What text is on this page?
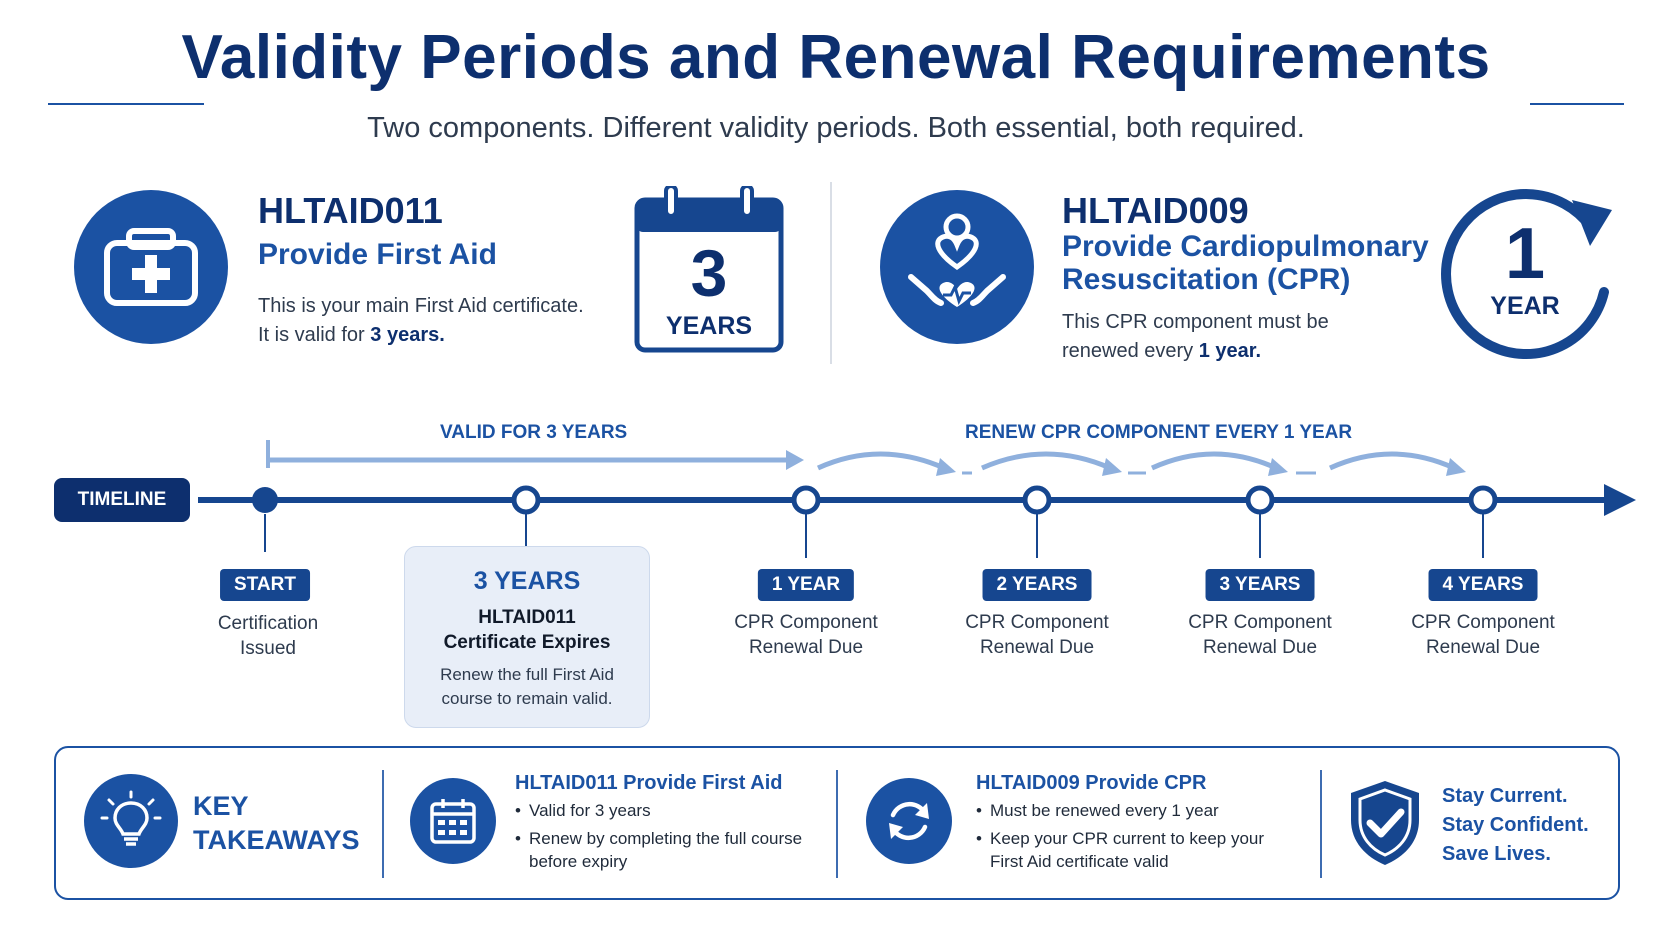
Validity Periods and Renewal Requirements
Two components. Different validity periods. Both essential, both required.
HLTAID011
Provide First Aid
This is your main First Aid certificate.
It is valid for 3 years.
3
YEARS
HLTAID009
Provide Cardiopulmonary
Resuscitation (CPR)
This CPR component must be
renewed every 1 year.
1
YEAR
VALID FOR 3 YEARS	RENEW CPR COMPONENT EVERY 1 YEAR
TIMELINE
START
Certification
Issued
3 YEARS
HLTAID011
Certificate Expires
Renew the full First Aid
course to remain valid.
1 YEAR
CPR Component
Renewal Due
2 YEARS
CPR Component
Renewal Due
3 YEARS
CPR Component
Renewal Due
4 YEARS
CPR Component
Renewal Due
KEY
TAKEAWAYS
HLTAID011 Provide First Aid
• Valid for 3 years
• Renew by completing the full course
before expiry
HLTAID009 Provide CPR
• Must be renewed every 1 year
• Keep your CPR current to keep your
First Aid certificate valid
Stay Current.
Stay Confident.
Save Lives.
